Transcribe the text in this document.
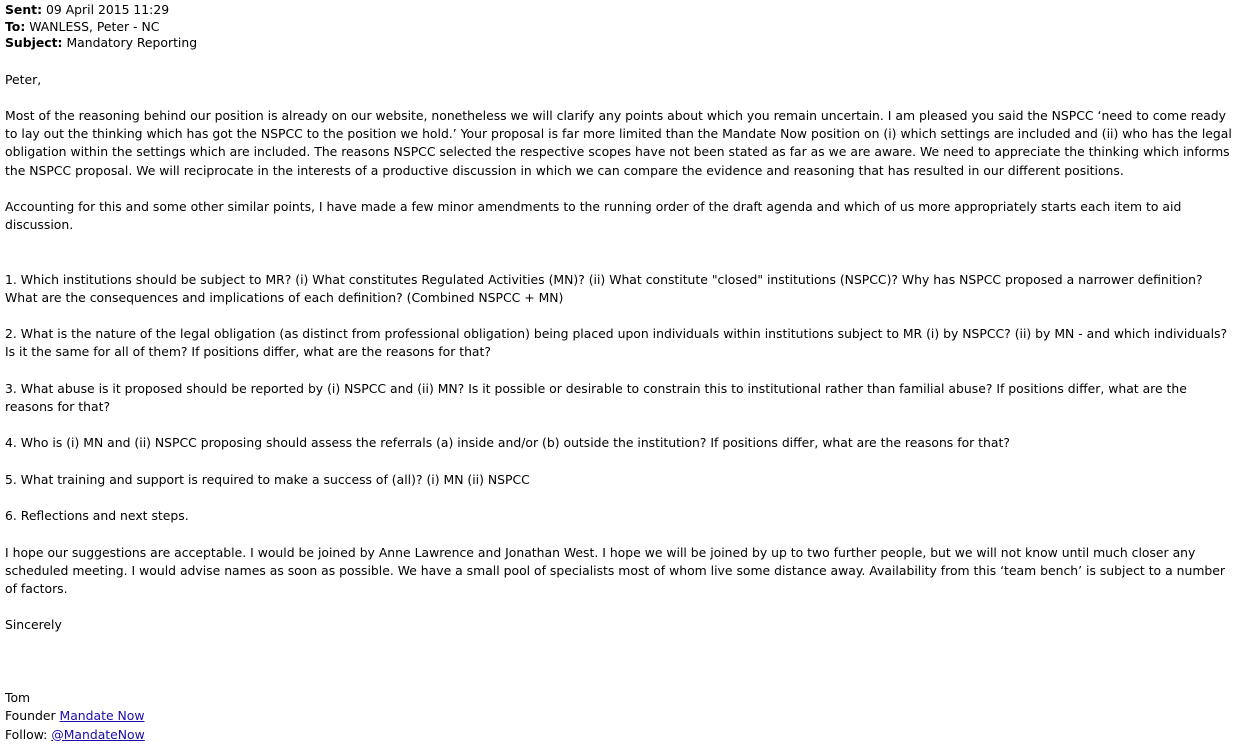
Sent: 09 April 2015 11:29
To: WANLESS, Peter - NC
Subject: Mandatory Reporting

Peter,

Most of the reasoning behind our position is already on our website, nonetheless we will clarify any points about which you remain uncertain. I am pleased you said the NSPCC ‘need to come ready to lay out the thinking which has got the NSPCC to the position we hold.’ Your proposal is far more limited than the Mandate Now position on (i) which settings are included and (ii) who has the legal obligation within the settings which are included. The reasons NSPCC selected the respective scopes have not been stated as far as we are aware. We need to appreciate the thinking which informs the NSPCC proposal. We will reciprocate in the interests of a productive discussion in which we can compare the evidence and reasoning that has resulted in our different positions.

Accounting for this and some other similar points, I have made a few minor amendments to the running order of the draft agenda and which of us more appropriately starts each item to aid discussion.

1. Which institutions should be subject to MR? (i) What constitutes Regulated Activities (MN)? (ii) What constitute "closed" institutions (NSPCC)? Why has NSPCC proposed a narrower definition? What are the consequences and implications of each definition? (Combined NSPCC + MN)

2. What is the nature of the legal obligation (as distinct from professional obligation) being placed upon individuals within institutions subject to MR (i) by NSPCC? (ii) by MN - and which individuals? Is it the same for all of them? If positions differ, what are the reasons for that?

3. What abuse is it proposed should be reported by (i) NSPCC and (ii) MN? Is it possible or desirable to constrain this to institutional rather than familial abuse? If positions differ, what are the reasons for that?

4. Who is (i) MN and (ii) NSPCC proposing should assess the referrals (a) inside and/or (b) outside the institution? If positions differ, what are the reasons for that?

5. What training and support is required to make a success of (all)? (i) MN (ii) NSPCC

6. Reflections and next steps.

I hope our suggestions are acceptable. I would be joined by Anne Lawrence and Jonathan West. I hope we will be joined by up to two further people, but we will not know until much closer any scheduled meeting. I would advise names as soon as possible. We have a small pool of specialists most of whom live some distance away. Availability from this ‘team bench’ is subject to a number of factors.

Sincerely

Tom
Founder Mandate Now
Follow: @MandateNow
